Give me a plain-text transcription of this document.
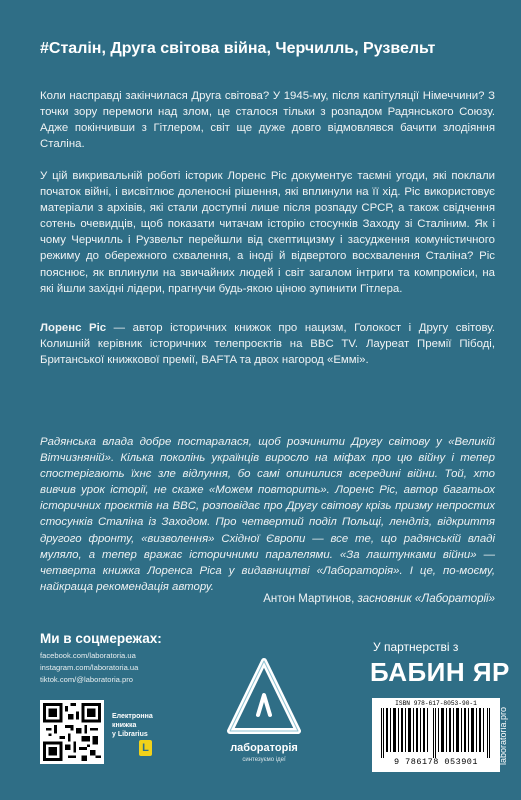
#Сталін, Друга світова війна, Черчилль, Рузвельт

Коли насправді закінчилася Друга світова? У 1945-му, після капітуляції Німеччини? З точки зору перемоги над злом, це сталося тільки з розпадом Радянського Союзу. Адже покінчивши з Гітлером, світ ще дуже довго відмовлявся бачити злодіяння Сталіна.

У цій викривальній роботі історик Лоренс Ріс документує таємні угоди, які поклали початок війні, і висвітлює доленосні рішення, які вплинули на її хід. Ріс використовує матеріали з архівів, які стали доступні лише після розпаду СРСР, а також свідчення сотень очевидців, щоб показати читачам історію стосунків Заходу зі Сталіним. Як і чому Черчилль і Рузвельт перейшли від скептицизму і засудження комуністичного режиму до обережного схвалення, а іноді й відвертого восхвалення Сталіна? Ріс пояснює, як вплинули на звичайних людей і світ загалом інтриги та компроміси, на які йшли західні лідери, прагнучи будь-якою ціною зупинити Гітлера.

Лоренс Ріс — автор історичних книжок про нацизм, Голокост і Другу світову. Колишній керівник історичних телепроєктів на BBC TV. Лауреат Премії Пібоді, Британської книжкової премії, BAFTA та двох нагород «Еммі».

Радянська влада добре постаралася, щоб розчинити Другу світову у «Великій Вітчизняній». Кілька поколінь українців виросло на міфах про цю війну і тепер спостерігають їхнє зле відлуння, бо самі опинилися всередині війни. Той, хто вивчив урок історії, не скаже «Можем повторить». Лоренс Ріс, автор багатьох історичних проєктів на BBC, розповідає про Другу світову крізь призму непростих стосунків Сталіна із Заходом. Про четвертий поділ Польщі, лендліз, відкриття другого фронту, «визволення» Східної Європи — все те, що радянській владі муляло, а тепер вражає історичними паралелями. «За лаштунками війни» — четверта книжка Лоренса Ріса у видавництві «Лабораторія». І це, по-моєму, найкраща рекомендація автору.

Антон Мартинов, засновник «Лабораторії»

Ми в соцмережах:

facebook.com/laboratoria.ua
instagram.com/laboratoria.ua
tiktok.com/@laboratoria.pro
Електронна
книжка
у Librarius
L	лабораторія
синтезуємо ідеї
У партнерстві з
БАБИН ЯР
ISBN 978-617-8053-90-1
9 786178 053901	laboratoria.pro
